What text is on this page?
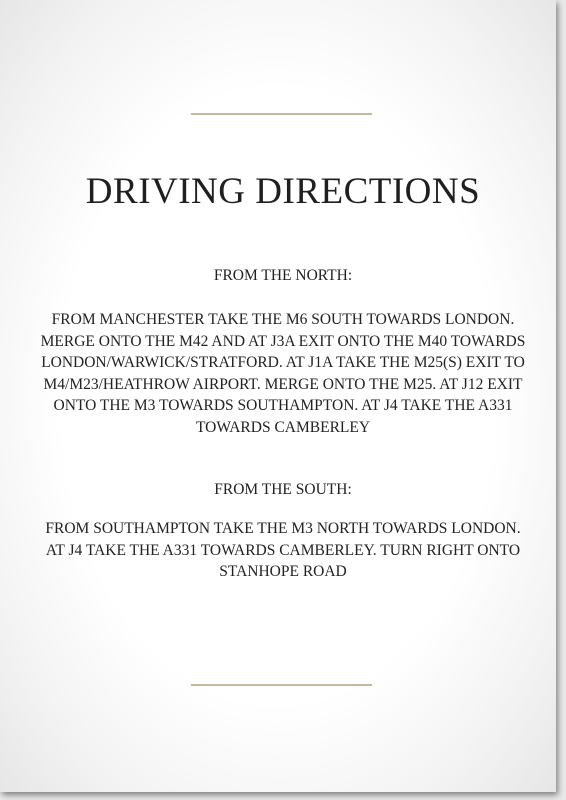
DRIVING DIRECTIONS

FROM THE NORTH:

FROM MANCHESTER TAKE THE M6 SOUTH TOWARDS LONDON. MERGE ONTO THE M42 AND AT J3A EXIT ONTO THE M40 TOWARDS LONDON/WARWICK/STRATFORD. AT J1A TAKE THE M25(S) EXIT TO M4/M23/HEATHROW AIRPORT. MERGE ONTO THE M25. AT J12 EXIT ONTO THE M3 TOWARDS SOUTHAMPTON. AT J4 TAKE THE A331 TOWARDS CAMBERLEY

FROM THE SOUTH:

FROM SOUTHAMPTON TAKE THE M3 NORTH TOWARDS LONDON. AT J4 TAKE THE A331 TOWARDS CAMBERLEY. TURN RIGHT ONTO STANHOPE ROAD
